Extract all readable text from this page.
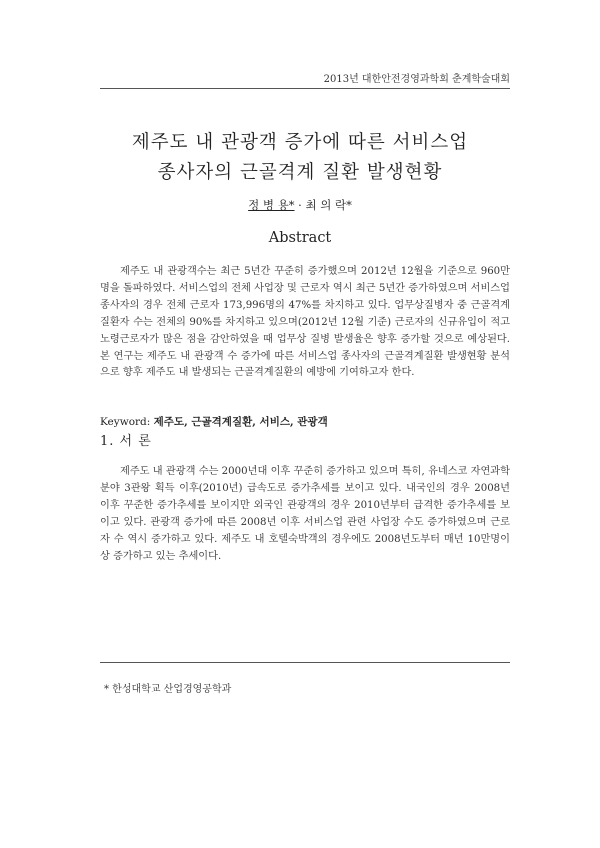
2013년 대한안전경영과학회 춘계학술대회
제주도 내 관광객 증가에 따른 서비스업
종사자의 근골격계 질환 발생현황
정 병 용* · 최 의 락*
Abstract

제주도 내 관광객수는 최근 5년간 꾸준히 증가했으며 2012년 12월을 기준으로 960만명을 돌파하였다. 서비스업의 전체 사업장 및 근로자 역시 최근 5년간 증가하였으며 서비스업 종사자의 경우 전체 근로자 173,996명의 47%를 차지하고 있다. 업무상질병자 중 근골격계질환자 수는 전체의 90%를 차지하고 있으며(2012년 12월 기준) 근로자의 신규유입이 적고 노령근로자가 많은 점을 감안하였을 때 업무상 질병 발생율은 향후 증가할 것으로 예상된다. 본 연구는 제주도 내 관광객 수 증가에 따른 서비스업 종사자의 근골격계질환 발생현황 분석으로 향후 제주도 내 발생되는 근골격계질환의 예방에 기여하고자 한다.

Keyword: 제주도, 근골격계질환, 서비스, 관광객
1. 서 론

제주도 내 관광객 수는 2000년대 이후 꾸준히 증가하고 있으며 특히, 유네스코 자연과학분야 3관왕 획득 이후(2010년) 급속도로 증가추세를 보이고 있다. 내국인의 경우 2008년 이후 꾸준한 증가추세를 보이지만 외국인 관광객의 경우 2010년부터 급격한 증가추세를 보이고 있다. 관광객 증가에 따른 2008년 이후 서비스업 관련 사업장 수도 증가하였으며 근로자 수 역시 증가하고 있다. 제주도 내 호텔숙박객의 경우에도 2008년도부터 매년 10만명이상 증가하고 있는 추세이다.

* 한성대학교 산업경영공학과
